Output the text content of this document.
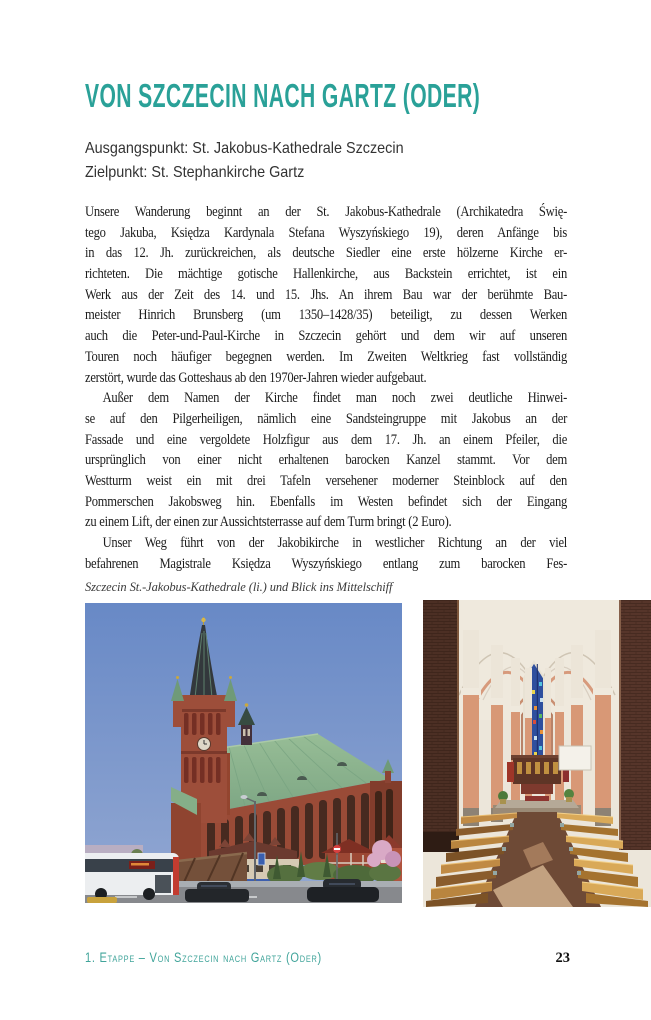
VON SZCZECIN NACH GARTZ (ODER)
Ausgangspunkt: St. Jakobus-Kathedrale Szczecin
Zielpunkt: St. Stephankirche Gartz
Unsere Wanderung beginnt an der St. Jakobus-Kathedrale (Archikatedra Świę-
tego Jakuba, Księdza Kardynala Stefana Wyszyńskiego 19), deren Anfänge bis
in das 12. Jh. zurückreichen, als deutsche Siedler eine erste hölzerne Kirche er-
richteten. Die mächtige gotische Hallenkirche, aus Backstein errichtet, ist ein
Werk aus der Zeit des 14. und 15. Jhs. An ihrem Bau war der berühmte Bau-
meister Hinrich Brunsberg (um 1350–1428/35) beteiligt, zu dessen Werken
auch die Peter-und-Paul-Kirche in Szczecin gehört und dem wir auf unseren
Touren noch häufiger begegnen werden. Im Zweiten Weltkrieg fast vollständig
zerstört, wurde das Gotteshaus ab den 1970er-Jahren wieder aufgebaut.
Außer dem Namen der Kirche findet man noch zwei deutliche Hinwei-
se auf den Pilgerheiligen, nämlich eine Sandsteingruppe mit Jakobus an der
Fassade und eine vergoldete Holzfigur aus dem 17. Jh. an einem Pfeiler, die
ursprünglich von einer nicht erhaltenen barocken Kanzel stammt. Vor dem
Westturm weist ein mit drei Tafeln versehener moderner Steinblock auf den
Pommerschen Jakobsweg hin. Ebenfalls im Westen befindet sich der Eingang
zu einem Lift, der einen zur Aussichtsterrasse auf dem Turm bringt (2 Euro).
Unser Weg führt von der Jakobikirche in westlicher Richtung an der viel
befahrenen Magistrale Księdza Wyszyńskiego entlang zum barocken Fes-
Szczecin St.-Jakobus-Kathedrale (li.) und Blick ins Mittelschiff
1. Etappe – Von Szczecin nach Gartz (Oder)	23
